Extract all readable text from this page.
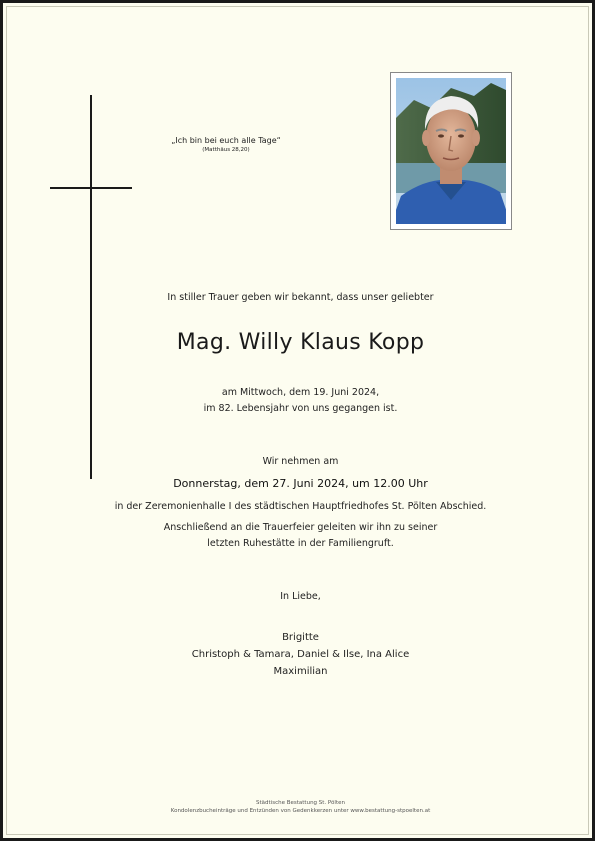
„Ich bin bei euch alle Tage“
(Matthäus 28,20)
In stiller Trauer geben wir bekannt, dass unser geliebter
Mag. Willy Klaus Kopp
am Mittwoch, dem 19. Juni 2024,
im 82. Lebensjahr von uns gegangen ist.
Wir nehmen am
Donnerstag, dem 27. Juni 2024, um 12.00 Uhr
in der Zeremonienhalle I des städtischen Hauptfriedhofes St. Pölten Abschied.
Anschließend an die Trauerfeier geleiten wir ihn zu seiner
letzten Ruhestätte in der Familiengruft.
In Liebe,
Brigitte
Christoph & Tamara, Daniel & Ilse, Ina Alice
Maximilian
Städtische Bestattung St. Pölten
Kondolenzbucheinträge und Entzünden von Gedenkkerzen unter www.bestattung-stpoelten.at
